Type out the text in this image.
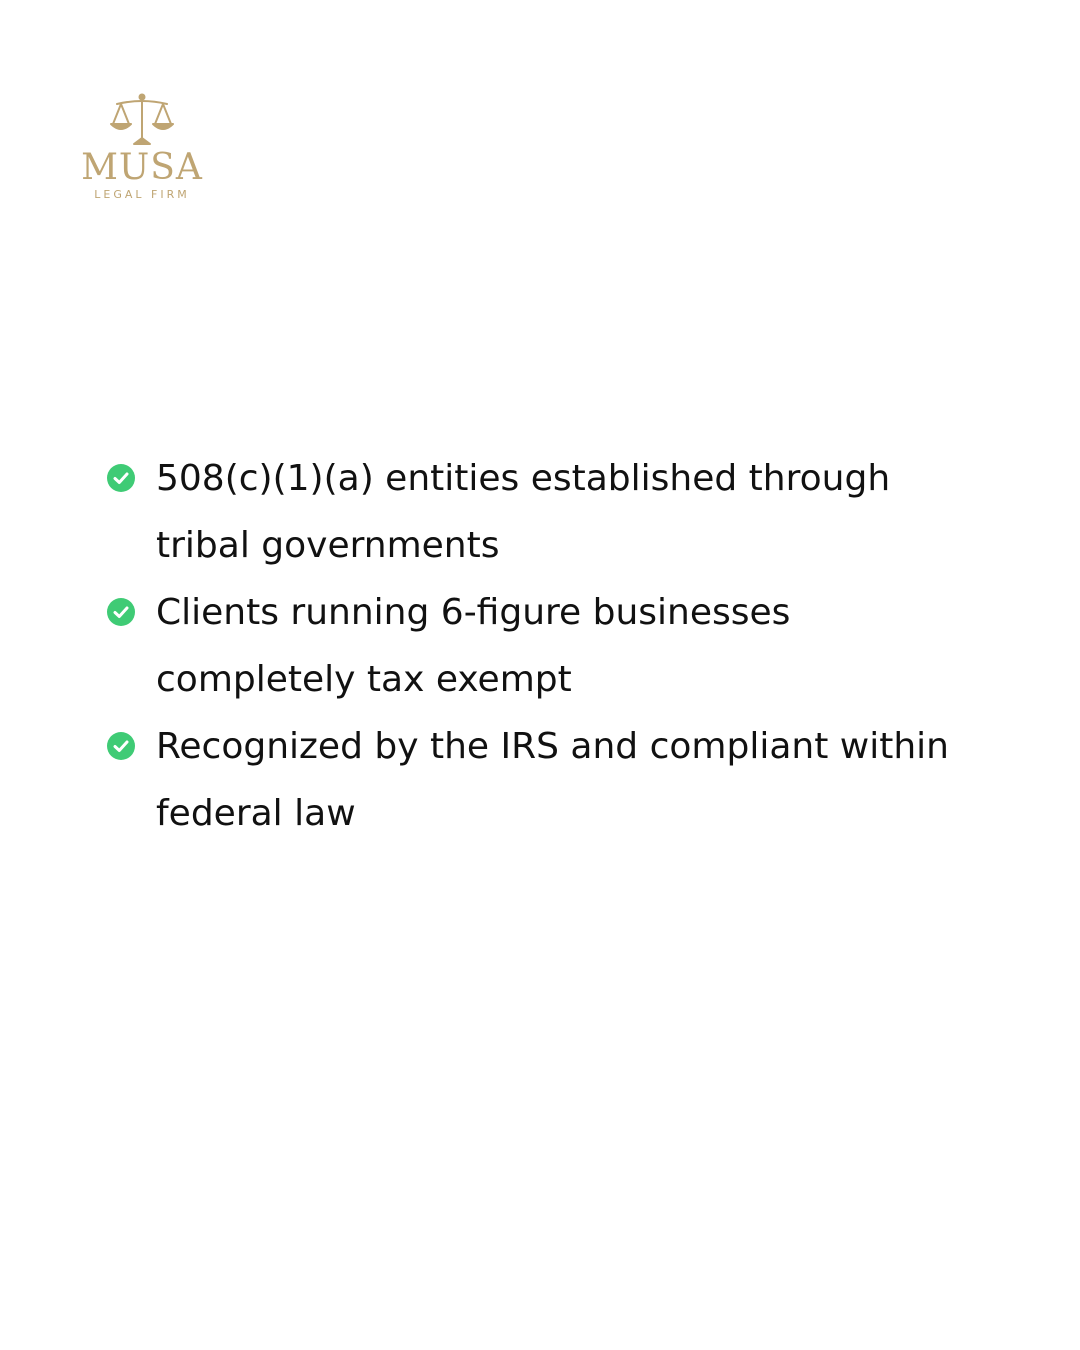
MUSA
LEGAL FIRM
508(c)(1)(a) entities established through tribal governments
Clients running 6-figure businesses completely tax exempt
Recognized by the IRS and compliant within federal law
